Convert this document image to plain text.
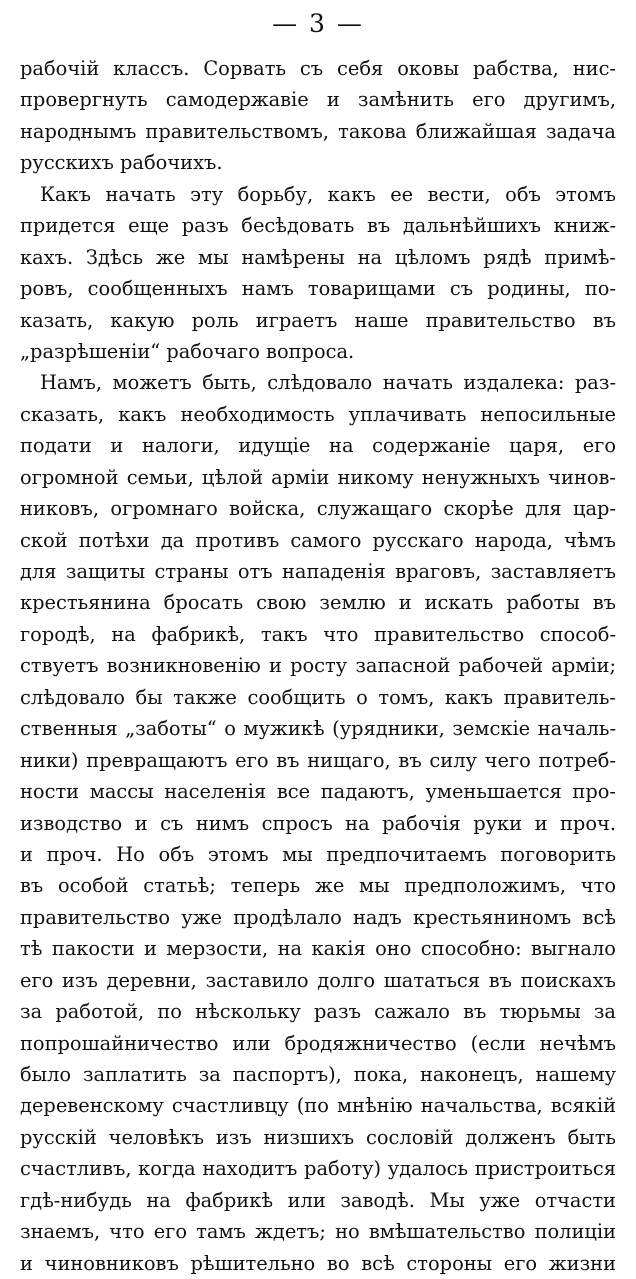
— 3 —
рабочій классъ. Сорвать съ себя оковы рабства, нис-
провергнуть самодержавіе и замѣнить его другимъ,
народнымъ правительствомъ, такова ближайшая задача
русскихъ рабочихъ.
Какъ начать эту борьбу, какъ ее вести, объ этомъ
придется еще разъ бесѣдовать въ дальнѣйшихъ книж-
кахъ. Здѣсь же мы намѣрены на цѣломъ рядѣ примѣ-
ровъ, сообщенныхъ намъ товарищами съ родины, по-
казать, какую роль играетъ наше правительство въ
„разрѣшеніи“ рабочаго вопроса.
Намъ, можетъ быть, слѣдовало начать издалека: раз-
сказать, какъ необходимость уплачивать непосильные
подати и налоги, идущіе на содержаніе царя, его
огромной семьи, цѣлой арміи никому ненужныхъ чинов-
никовъ, огромнаго войска, служащаго скорѣе для цар-
ской потѣхи да противъ самого русскаго народа, чѣмъ
для защиты страны отъ нападенія враговъ, заставляетъ
крестьянина бросать свою землю и искать работы въ
городѣ, на фабрикѣ, такъ что правительство способ-
ствуетъ возникновенію и росту запасной рабочей арміи;
слѣдовало бы также сообщить о томъ, какъ правитель-
ственныя „заботы“ о мужикѣ (урядники, земскіе началь-
ники) превращаютъ его въ нищаго, въ силу чего потреб-
ности массы населенія все падаютъ, уменьшается про-
изводство и съ нимъ спросъ на рабочія руки и проч.
и проч. Но объ этомъ мы предпочитаемъ поговорить
въ особой статьѣ; теперь же мы предположимъ, что
правительство уже продѣлало надъ крестьяниномъ всѣ
тѣ пакости и мерзости, на какія оно способно: выгнало
его изъ деревни, заставило долго шататься въ поискахъ
за работой, по нѣскольку разъ сажало въ тюрьмы за
попрошайничество или бродяжничество (если нечѣмъ
было заплатить за паспортъ), пока, наконецъ, нашему
деревенскому счастливцу (по мнѣнію начальства, всякій
русскій человѣкъ изъ низшихъ сословій долженъ быть
счастливъ, когда находитъ работу) удалось пристроиться
гдѣ-нибудь на фабрикѣ или заводѣ. Мы уже отчасти
знаемъ, что его тамъ ждетъ; но вмѣшательство полиціи
и чиновниковъ рѣшительно во всѣ стороны его жизни
